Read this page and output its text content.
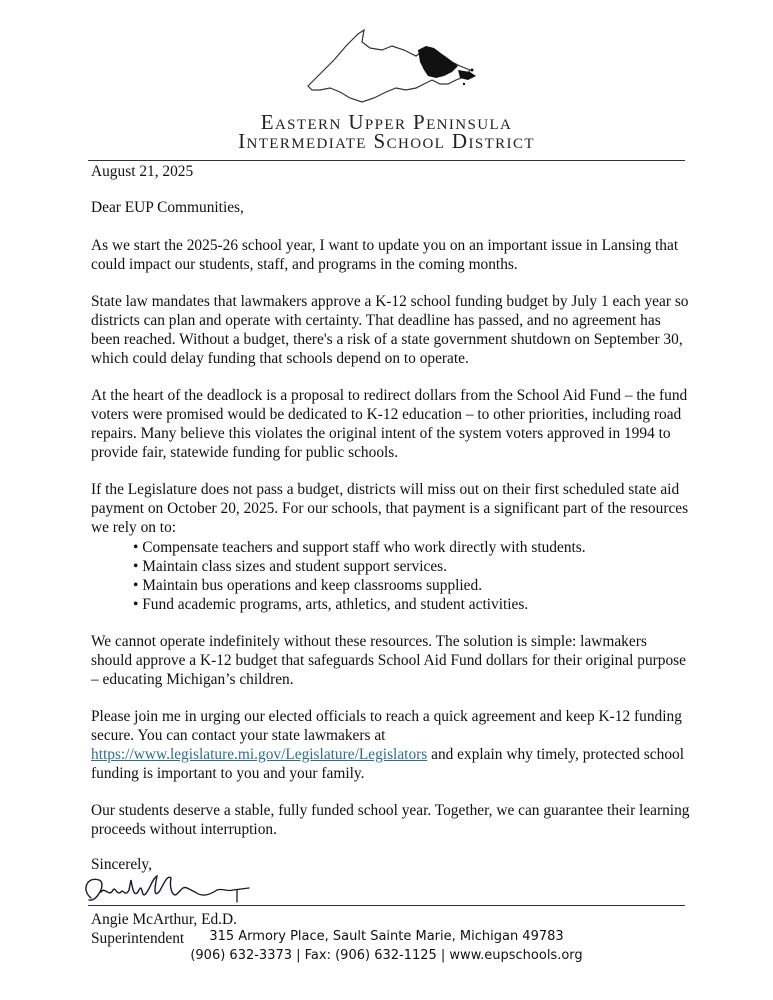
Eastern Upper Peninsula
Intermediate School District

August 21, 2025

Dear EUP Communities,

As we start the 2025-26 school year, I want to update you on an important issue in Lansing that could impact our students, staff, and programs in the coming months.

State law mandates that lawmakers approve a K-12 school funding budget by July 1 each year so districts can plan and operate with certainty. That deadline has passed, and no agreement has been reached. Without a budget, there's a risk of a state government shutdown on September 30, which could delay funding that schools depend on to operate.

At the heart of the deadlock is a proposal to redirect dollars from the School Aid Fund – the fund voters were promised would be dedicated to K-12 education – to other priorities, including road repairs. Many believe this violates the original intent of the system voters approved in 1994 to provide fair, statewide funding for public schools.

If the Legislature does not pass a budget, districts will miss out on their first scheduled state aid payment on October 20, 2025. For our schools, that payment is a significant part of the resources we rely on to:

• Compensate teachers and support staff who work directly with students.
• Maintain class sizes and student support services.
• Maintain bus operations and keep classrooms supplied.
• Fund academic programs, arts, athletics, and student activities.

We cannot operate indefinitely without these resources. The solution is simple: lawmakers should approve a K-12 budget that safeguards School Aid Fund dollars for their original purpose – educating Michigan’s children.

Please join me in urging our elected officials to reach a quick agreement and keep K-12 funding secure. You can contact your state lawmakers at https://www.legislature.mi.gov/Legislature/Legislators and explain why timely, protected school funding is important to you and your family.

Our students deserve a stable, fully funded school year. Together, we can guarantee their learning proceeds without interruption.

Sincerely,

Angie McArthur, Ed.D.

Superintendent	315 Armory Place, Sault Sainte Marie, Michigan 49783
(906) 632-3373 | Fax: (906) 632-1125 | www.eupschools.org
